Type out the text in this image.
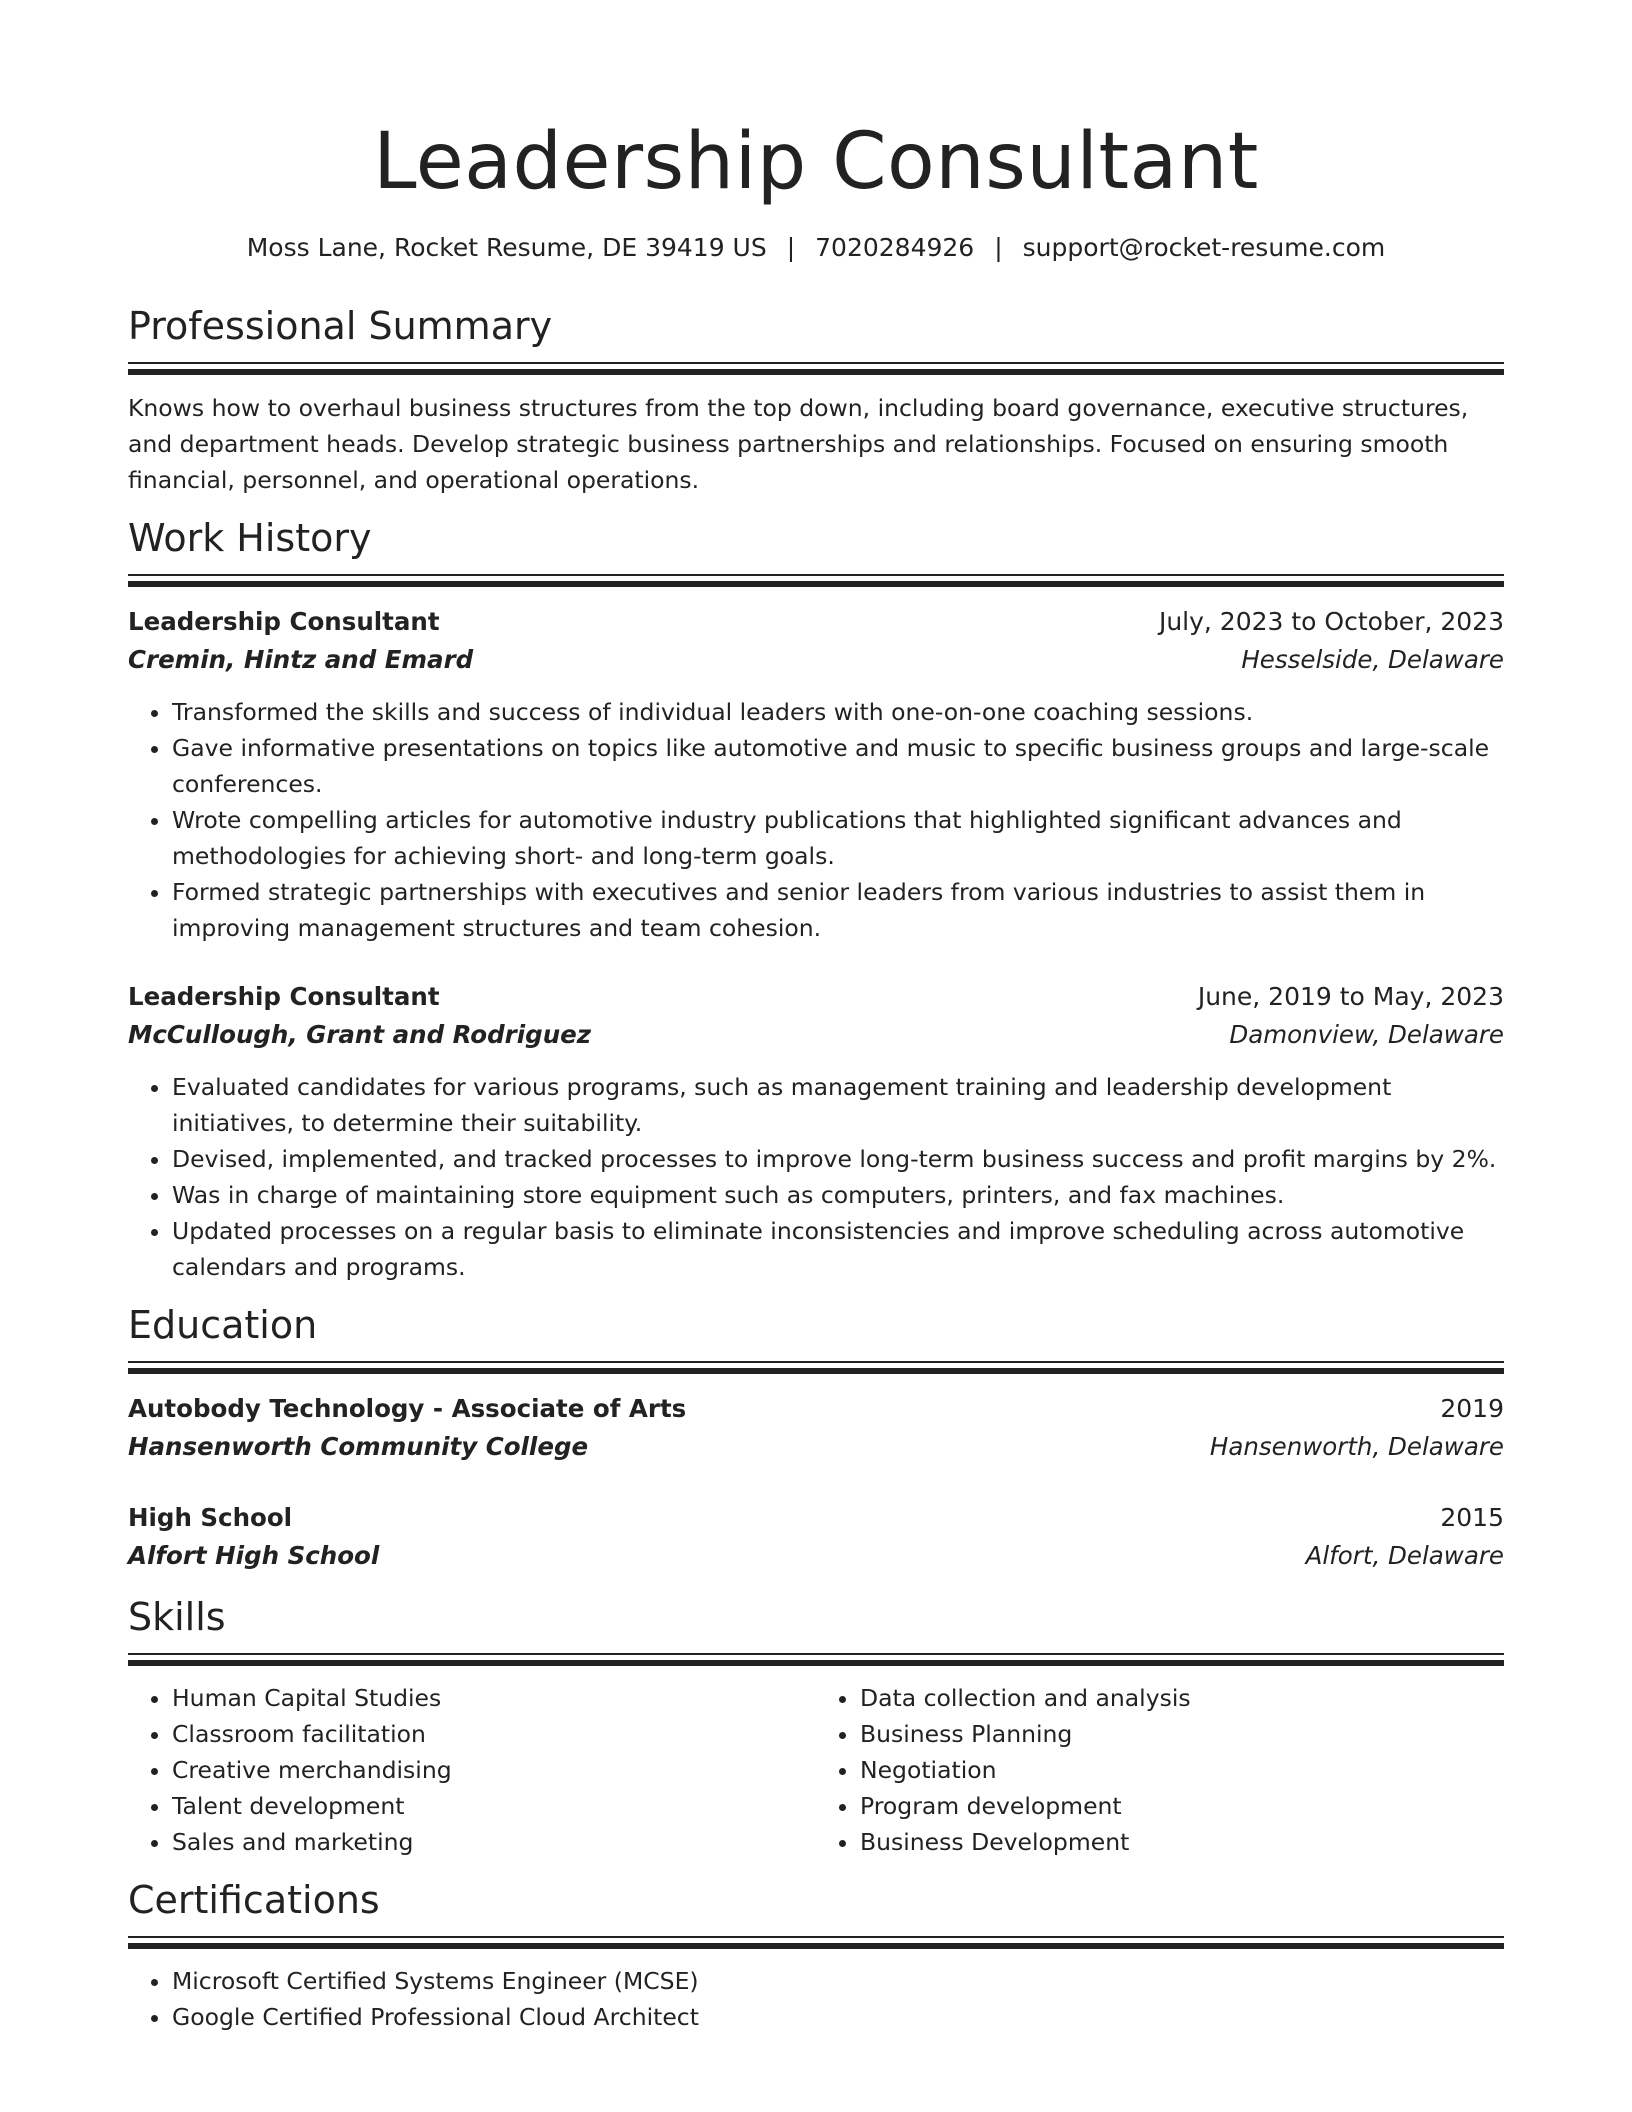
Leadership Consultant
Moss Lane, Rocket Resume, DE 39419 US | 7020284926 | support@rocket-resume.com
Professional Summary

Knows how to overhaul business structures from the top down, including board governance, executive structures, and department heads. Develop strategic business partnerships and relationships. Focused on ensuring smooth financial, personnel, and operational operations.

Work History
Leadership Consultant	July, 2023 to October, 2023
Cremin, Hintz and Emard	Hesselside, Delaware
• Transformed the skills and success of individual leaders with one-on-one coaching sessions.
• Gave informative presentations on topics like automotive and music to specific business groups and large-scale conferences.
• Wrote compelling articles for automotive industry publications that highlighted significant advances and methodologies for achieving short- and long-term goals.
• Formed strategic partnerships with executives and senior leaders from various industries to assist them in improving management structures and team cohesion.
Leadership Consultant	June, 2019 to May, 2023
McCullough, Grant and Rodriguez	Damonview, Delaware
• Evaluated candidates for various programs, such as management training and leadership development initiatives, to determine their suitability.
• Devised, implemented, and tracked processes to improve long-term business success and profit margins by 2%.
• Was in charge of maintaining store equipment such as computers, printers, and fax machines.
• Updated processes on a regular basis to eliminate inconsistencies and improve scheduling across automotive calendars and programs.
Education
Autobody Technology - Associate of Arts	2019
Hansenworth Community College	Hansenworth, Delaware
High School	2015
Alfort High School	Alfort, Delaware
Skills
• Human Capital Studies
• Classroom facilitation
• Creative merchandising
• Talent development
• Sales and marketing
• Data collection and analysis
• Business Planning
• Negotiation
• Program development
• Business Development
Certifications
• Microsoft Certified Systems Engineer (MCSE)
• Google Certified Professional Cloud Architect
